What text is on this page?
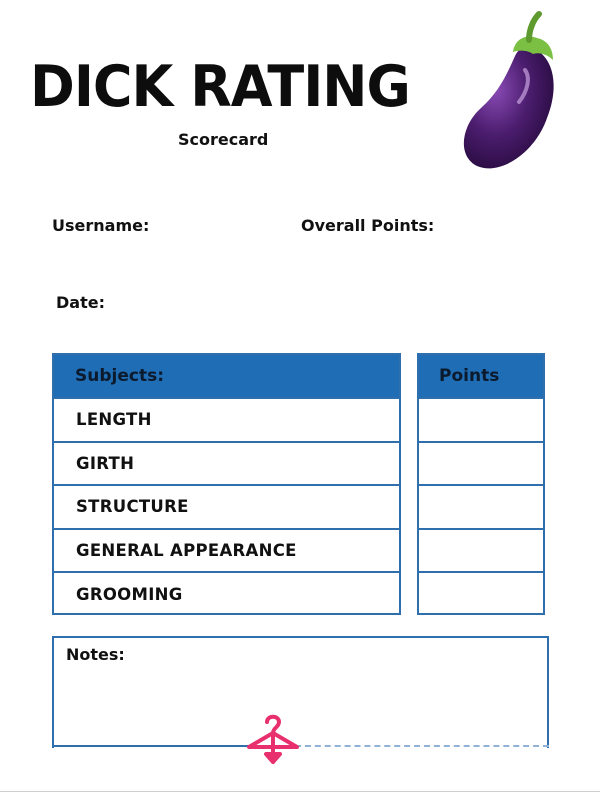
DICK RATING
Scorecard
Username:	Overall Points:
Date:
Subjects:
LENGTH
GIRTH
STRUCTURE
GENERAL APPEARANCE
GROOMING
Points
Notes:
